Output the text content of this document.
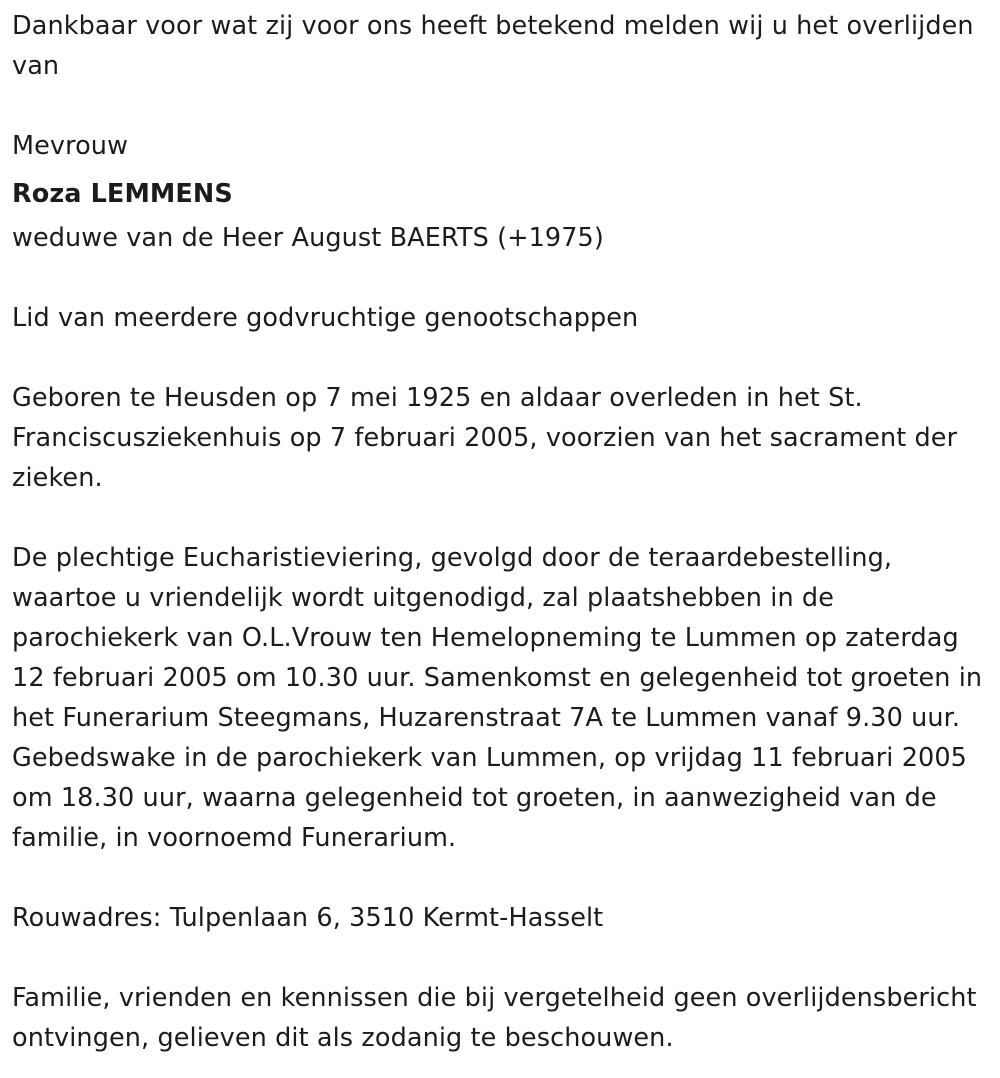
Dankbaar voor wat zij voor ons heeft betekend melden wij u het overlijden van

Mevrouw

Roza LEMMENS

weduwe van de Heer August BAERTS (+1975)

Lid van meerdere godvruchtige genootschappen

Geboren te Heusden op 7 mei 1925 en aldaar overleden in het St. Franciscusziekenhuis op 7 februari 2005, voorzien van het sacrament der zieken.

De plechtige Eucharistieviering, gevolgd door de teraardebestelling, waartoe u vriendelijk wordt uitgenodigd, zal plaatshebben in de parochiekerk van O.L.Vrouw ten Hemelopneming te Lummen op zaterdag 12 februari 2005 om 10.30 uur. Samenkomst en gelegenheid tot groeten in het Funerarium Steegmans, Huzarenstraat 7A te Lummen vanaf 9.30 uur. Gebedswake in de parochiekerk van Lummen, op vrijdag 11 februari 2005 om 18.30 uur, waarna gelegenheid tot groeten, in aanwezigheid van de familie, in voornoemd Funerarium.

Rouwadres: Tulpenlaan 6, 3510 Kermt-Hasselt

Familie, vrienden en kennissen die bij vergetelheid geen overlijdensbericht ontvingen, gelieven dit als zodanig te beschouwen.
